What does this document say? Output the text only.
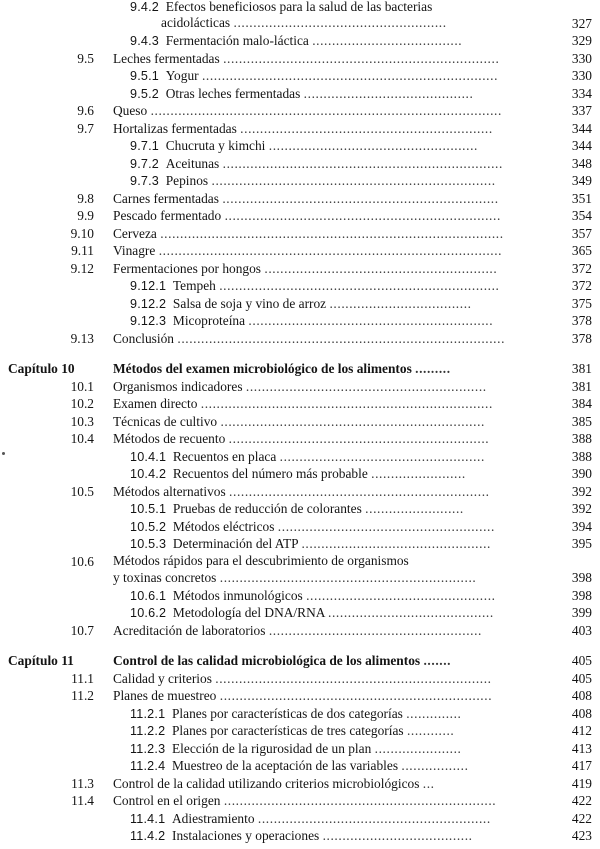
9.4.2  Efectos beneficiosos para la salud de las bacterias
acidolácticas ......................................................	327
9.4.3  Fermentación malo-láctica ......................................	329
9.5 Leches fermentadas ......................................................................	330
9.5.1  Yogur ...........................................................................	330
9.5.2  Otras leches fermentadas ...........................................	334
9.6 Queso .........................................................................................	337
9.7 Hortalizas fermentadas ................................................................	344
9.7.1  Chucruta y kimchi .....................................................	344
9.7.2  Aceitunas .......................................................................	348
9.7.3  Pepinos ........................................................................	349
9.8 Carnes fermentadas ......................................................................	351
9.9 Pescado fermentado ......................................................................	354
9.10 Cerveza .......................................................................................	357
9.11 Vinagre .......................................................................................	365
9.12 Fermentaciones por hongos ...........................................................	372
9.12.1  Tempeh .......................................................................	372
9.12.2  Salsa de soja y vino de arroz ....................................	375
9.12.3  Micoproteína ..............................................................	378
9.13 Conclusión ...................................................................................	378
Capítulo 10	Métodos del examen microbiológico de los alimentos .........	381
10.1 Organismos indicadores .............................................................	381
10.2 Examen directo ..........................................................................	384
10.3 Técnicas de cultivo ...................................................................	385
10.4 Métodos de recuento ..................................................................	388
10.4.1  Recuentos en placa ....................................................	388
10.4.2  Recuentos del número más probable ........................	390
10.5 Métodos alternativos ..................................................................	392
10.5.1  Pruebas de reducción de colorantes .........................	392
10.5.2  Métodos eléctricos .......................................................	394
10.5.3  Determinación del ATP ................................................	395
10.6 Métodos rápidos para el descubrimiento de organismos
y toxinas concretos .................................................................	398
10.6.1  Métodos inmunológicos ................................................	398
10.6.2  Metodología del DNA/RNA ..........................................	399
10.7 Acreditación de laboratorios ......................................................	403
Capítulo 11	Control de las calidad microbiológica de los alimentos .......	405
11.1 Calidad y criterios ......................................................................	405
11.2 Planes de muestreo .....................................................................	408
11.2.1  Planes por características de dos categorías ..............	408
11.2.2  Planes por características de tres categorías ............	412
11.2.3  Elección de la rigurosidad de un plan ......................	413
11.2.4  Muestreo de la aceptación de las variables .................	417
11.3 Control de la calidad utilizando criterios microbiológicos ...	419
11.4 Control en el origen .....................................................................	422
11.4.1  Adiestramiento ...........................................................	422
11.4.2  Instalaciones y operaciones ......................................	423
